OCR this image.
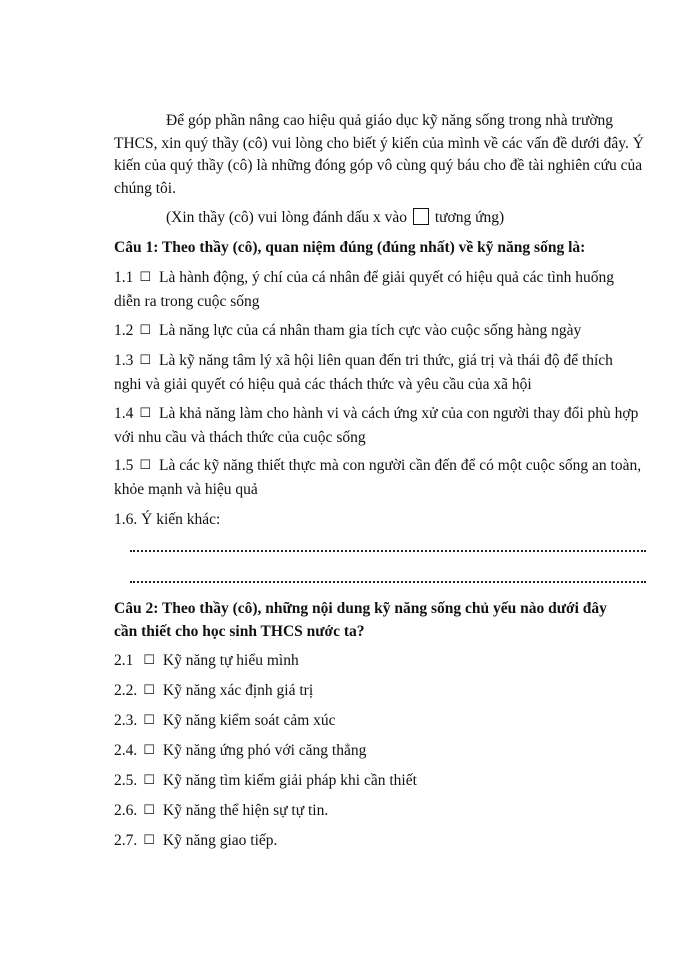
Để góp phần nâng cao hiệu quả giáo dục kỹ năng sống trong nhà trường THCS, xin quý thầy (cô) vui lòng cho biết ý kiến của mình về các vấn đề dưới đây. Ý kiến của quý thầy (cô) là những đóng góp vô cùng quý báu cho đề tài nghiên cứu của chúng tôi.

(Xin thầy (cô) vui lòng đánh dấu x vào tương ứng)

Câu 1: Theo thầy (cô), quan niệm đúng (đúng nhất) về kỹ năng sống là:

1.1 ☐ Là hành động, ý chí của cá nhân để giải quyết có hiệu quả các tình huống diễn ra trong cuộc sống

1.2 ☐ Là năng lực của cá nhân tham gia tích cực vào cuộc sống hàng ngày

1.3 ☐ Là kỹ năng tâm lý xã hội liên quan đến tri thức, giá trị và thái độ để thích nghi và giải quyết có hiệu quả các thách thức và yêu cầu của xã hội

1.4 ☐ Là khả năng làm cho hành vi và cách ứng xử của con người thay đổi phù hợp với nhu cầu và thách thức của cuộc sống

1.5 ☐ Là các kỹ năng thiết thực mà con người cần đến để có một cuộc sống an toàn, khỏe mạnh và hiệu quả

1.6. Ý kiến khác:

Câu 2: Theo thầy (cô), những nội dung kỹ năng sống chủ yếu nào dưới đây cần thiết cho học sinh THCS nước ta?

2.1 ☐ Kỹ năng tự hiểu mình

2.2. ☐ Kỹ năng xác định giá trị

2.3. ☐ Kỹ năng kiểm soát cảm xúc

2.4. ☐ Kỹ năng ứng phó với căng thẳng

2.5. ☐ Kỹ năng tìm kiếm giải pháp khi cần thiết

2.6. ☐ Kỹ năng thể hiện sự tự tin.

2.7. ☐ Kỹ năng giao tiếp.
